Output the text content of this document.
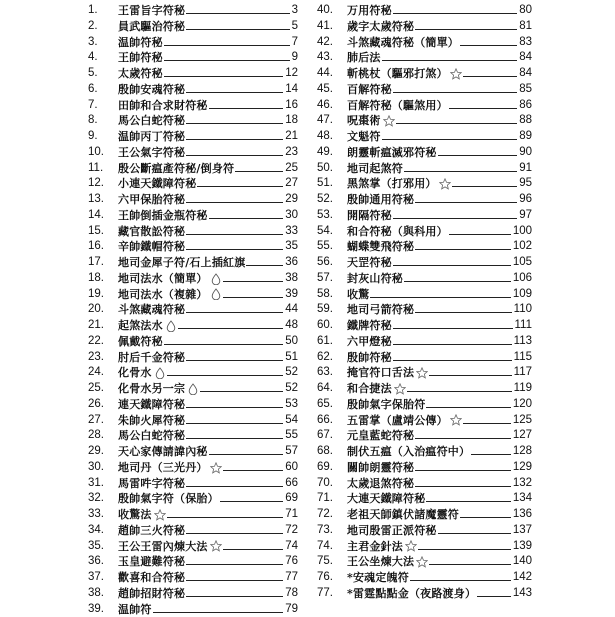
1.	王雷旨字符秘	3
2.	員武驅治符秘	5
3.	温帥符秘	7
4.	王帥符秘	9
5.	太歲符秘	12
6.	殷帥安魂符秘	14
7.	田帥和合求財符秘	16
8.	馬公白蛇符秘	18
9.	温帥丙丁符秘	21
10.	王公氣字符秘	23
11.	殷公斷瘟產符秘/倒身符	25
12.	小連天鐵障符秘	27
13.	六甲保胎符秘	29
14.	王帥倒插金瓶符秘	30
15.	藏官散訟符秘	33
16.	辛帥鐵帽符秘	35
17.	地司金犀子符/石上插紅旗	36
18.	地司法水（簡單）	38
19.	地司法水（複雜）	39
20.	斗煞藏魂符秘	44
21.	起煞法水	48
22.	佩戴符秘	50
23.	肘后千金符秘	51
24.	化骨水	52
25.	化骨水另一宗	52
26.	連天鐵障符秘	53
27.	朱帥火犀符秘	54
28.	馬公白蛇符秘	55
29.	天心家傳請諱內秘	57
30.	地司丹（三光丹）	60
31.	馬雷吽字符秘	66
32.	殷帥氣字符（保胎）	69
33.	收驚法	71
34.	趙帥三火符秘	72
35.	王公王雷內煉大法	74
36.	玉皇避難符秘	76
37.	歡喜和合符秘	77
38.	趙帥招財符秘	78
39.	温帥符	79
40.	万用符秘	80
41.	歲字太歲符秘	81
42.	斗煞藏魂符秘（簡單）	83
43.	肺后法	84
44.	斬桃杖（驅邪打煞）	84
45.	百解符秘	85
46.	百解符秘（驅煞用）	86
47.	呪棗術	88
48.	文魁符	89
49.	朗靈斬瘟滅邪符秘	90
50.	地司起煞符	91
51.	黑煞掌（打邪用）	95
52.	殷帥通用符秘	96
53.	開隔符秘	97
54.	和合符秘（與科用）	100
55.	蝴蝶雙飛符秘	102
56.	天罡符秘	105
57.	封灰山符秘	106
58.	收驚	109
59.	地司弓箭符秘	110
60.	鐵牌符秘	111
61.	六甲燈秘	113
62.	殷帥符秘	115
63.	掩官符口舌法	117
64.	和合捷法	119
65.	殷帥氣字保胎符	120
66.	五雷掌（盧靖公傳）	125
67.	元皇藍蛇符秘	127
68.	制伏五瘟（入治瘟符中）	128
69.	關帥朗靈符秘	129
70.	太歲退煞符秘	132
71.	大連天鐵障符秘	134
72.	老祖天師鎮伏諸魔靈符	136
73.	地司殷雷正派符秘	137
74.	主君金針法	139
75.	王公坐煉大法	140
76.	*安魂定魄符	142
77.	*雷霆點點金（夜路渡身）	143
